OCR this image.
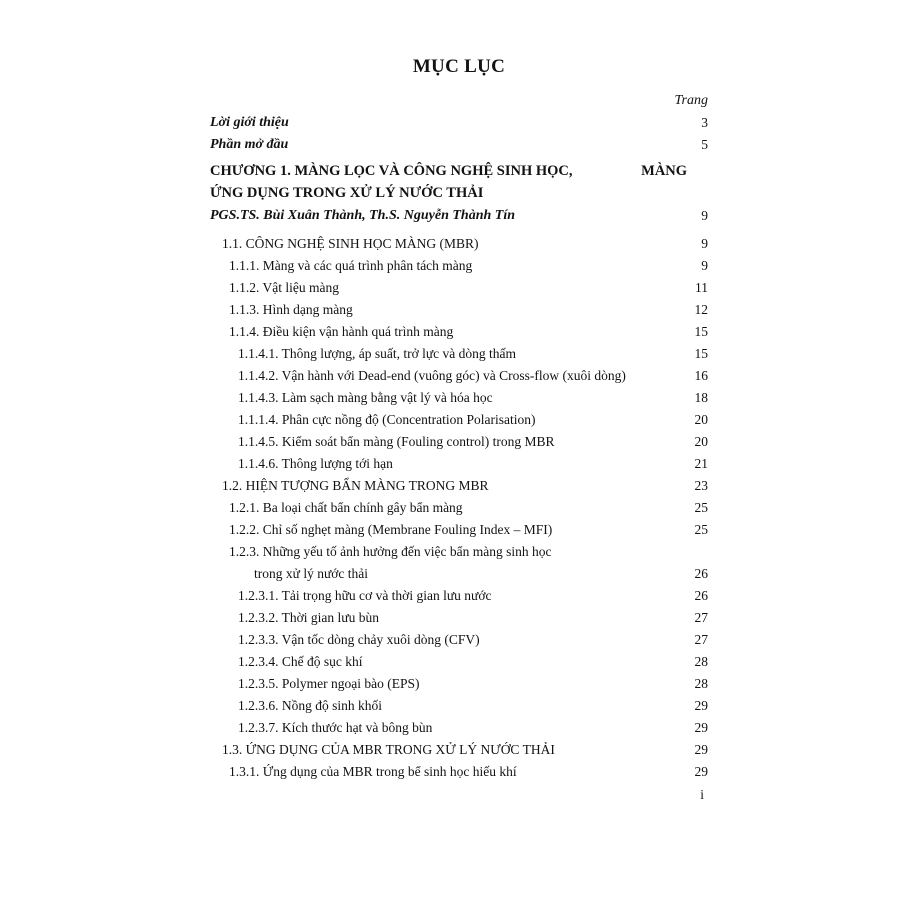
MỤC LỤC
Trang
Lời giới thiệu	3
Phần mở đầu	5
CHƯƠNG 1. MÀNG LỌC VÀ CÔNG NGHỆ SINH HỌC,	MÀNG ỨNG DỤNG TRONG XỬ LÝ NƯỚC THẢI
PGS.TS. Bùi Xuân Thành, Th.S. Nguyễn Thành Tín	9
1.1. CÔNG NGHỆ SINH HỌC MÀNG (MBR)	9
1.1.1. Màng và các quá trình phân tách màng	9
1.1.2. Vật liệu màng	11
1.1.3. Hình dạng màng	12
1.1.4. Điều kiện vận hành quá trình màng	15
1.1.4.1. Thông lượng, áp suất, trở lực và dòng thấm	15
1.1.4.2. Vận hành với Dead-end (vuông góc) và Cross-flow (xuôi dòng)	16
1.1.4.3. Làm sạch màng bằng vật lý và hóa học	18
1.1.1.4. Phân cực nồng độ (Concentration Polarisation)	20
1.1.4.5. Kiểm soát bẩn màng (Fouling control) trong MBR	20
1.1.4.6. Thông lượng tới hạn	21
1.2. HIỆN TƯỢNG BẨN MÀNG TRONG MBR	23
1.2.1. Ba loại chất bẩn chính gây bẩn màng	25
1.2.2. Chỉ số nghẹt màng (Membrane Fouling Index – MFI)	25
1.2.3. Những yếu tố ảnh hưởng đến việc bẩn màng sinh học
trong xử lý nước thải	26
1.2.3.1. Tải trọng hữu cơ và thời gian lưu nước	26
1.2.3.2. Thời gian lưu bùn	27
1.2.3.3. Vận tốc dòng chảy xuôi dòng (CFV)	27
1.2.3.4. Chế độ sục khí	28
1.2.3.5. Polymer ngoại bào (EPS)	28
1.2.3.6. Nồng độ sinh khối	29
1.2.3.7. Kích thước hạt và bông bùn	29
1.3. ỨNG DỤNG CỦA MBR TRONG XỬ LÝ NƯỚC THẢI	29
1.3.1. Ứng dụng của MBR trong bể sinh học hiếu khí	29
i
